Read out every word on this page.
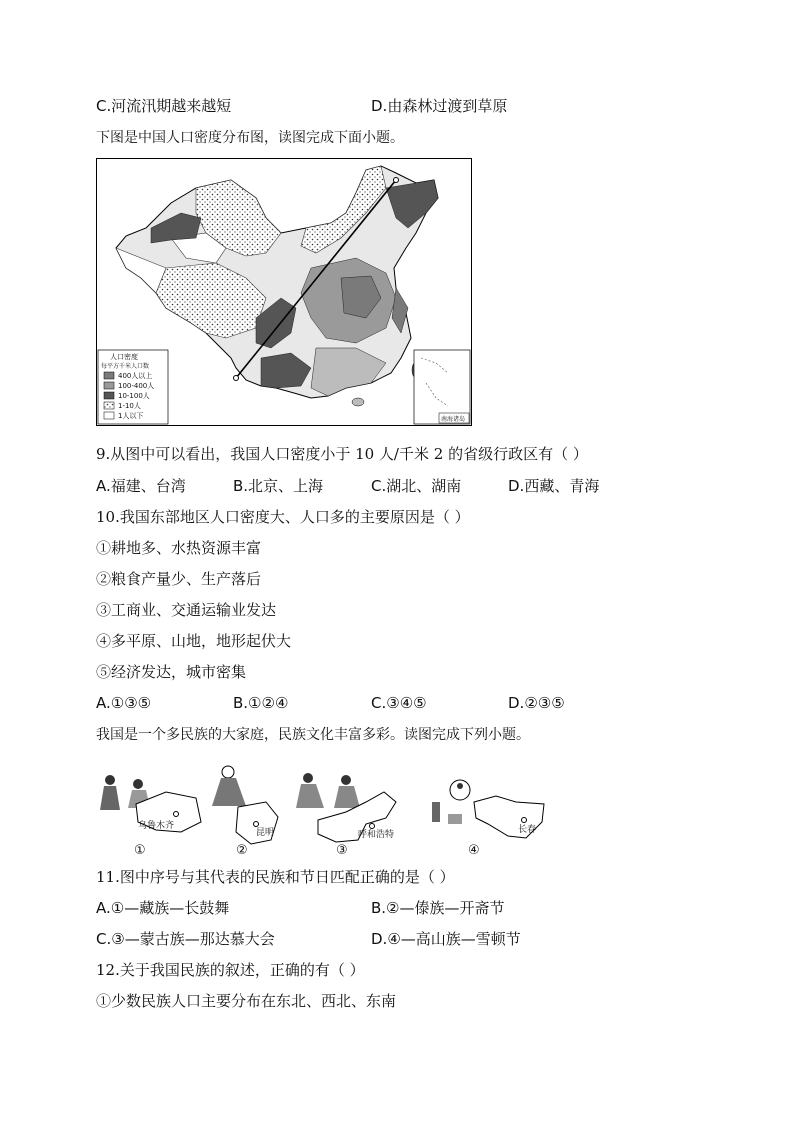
C.河流汛期越来越短	D.由森林过渡到草原
下图是中国人口密度分布图，读图完成下面小题。
人口密度
每平方千米人口数
400人以上
100-400人
10-100人
1-10人
1人以下	南海诸岛
9.从图中可以看出，我国人口密度小于 10 人/千米 2 的省级行政区有（ ）
A.福建、台湾	B.北京、上海	C.湖北、湖南	D.西藏、青海
10.我国东部地区人口密度大、人口多的主要原因是（ ）
①耕地多、水热资源丰富
②粮食产量少、生产落后
③工商业、交通运输业发达
④多平原、山地，地形起伏大
⑤经济发达，城市密集
A.①③⑤	B.①②④	C.③④⑤	D.②③⑤
我国是一个多民族的大家庭，民族文化丰富多彩。读图完成下列小题。
乌鲁木齐
①
昆明
②
呼和浩特
③
长春
④
11.图中序号与其代表的民族和节日匹配正确的是（ ）
A.①—藏族—长鼓舞	B.②—傣族—开斋节
C.③—蒙古族—那达慕大会	D.④—高山族—雪顿节
12.关于我国民族的叙述，正确的有（ ）
①少数民族人口主要分布在东北、西北、东南
